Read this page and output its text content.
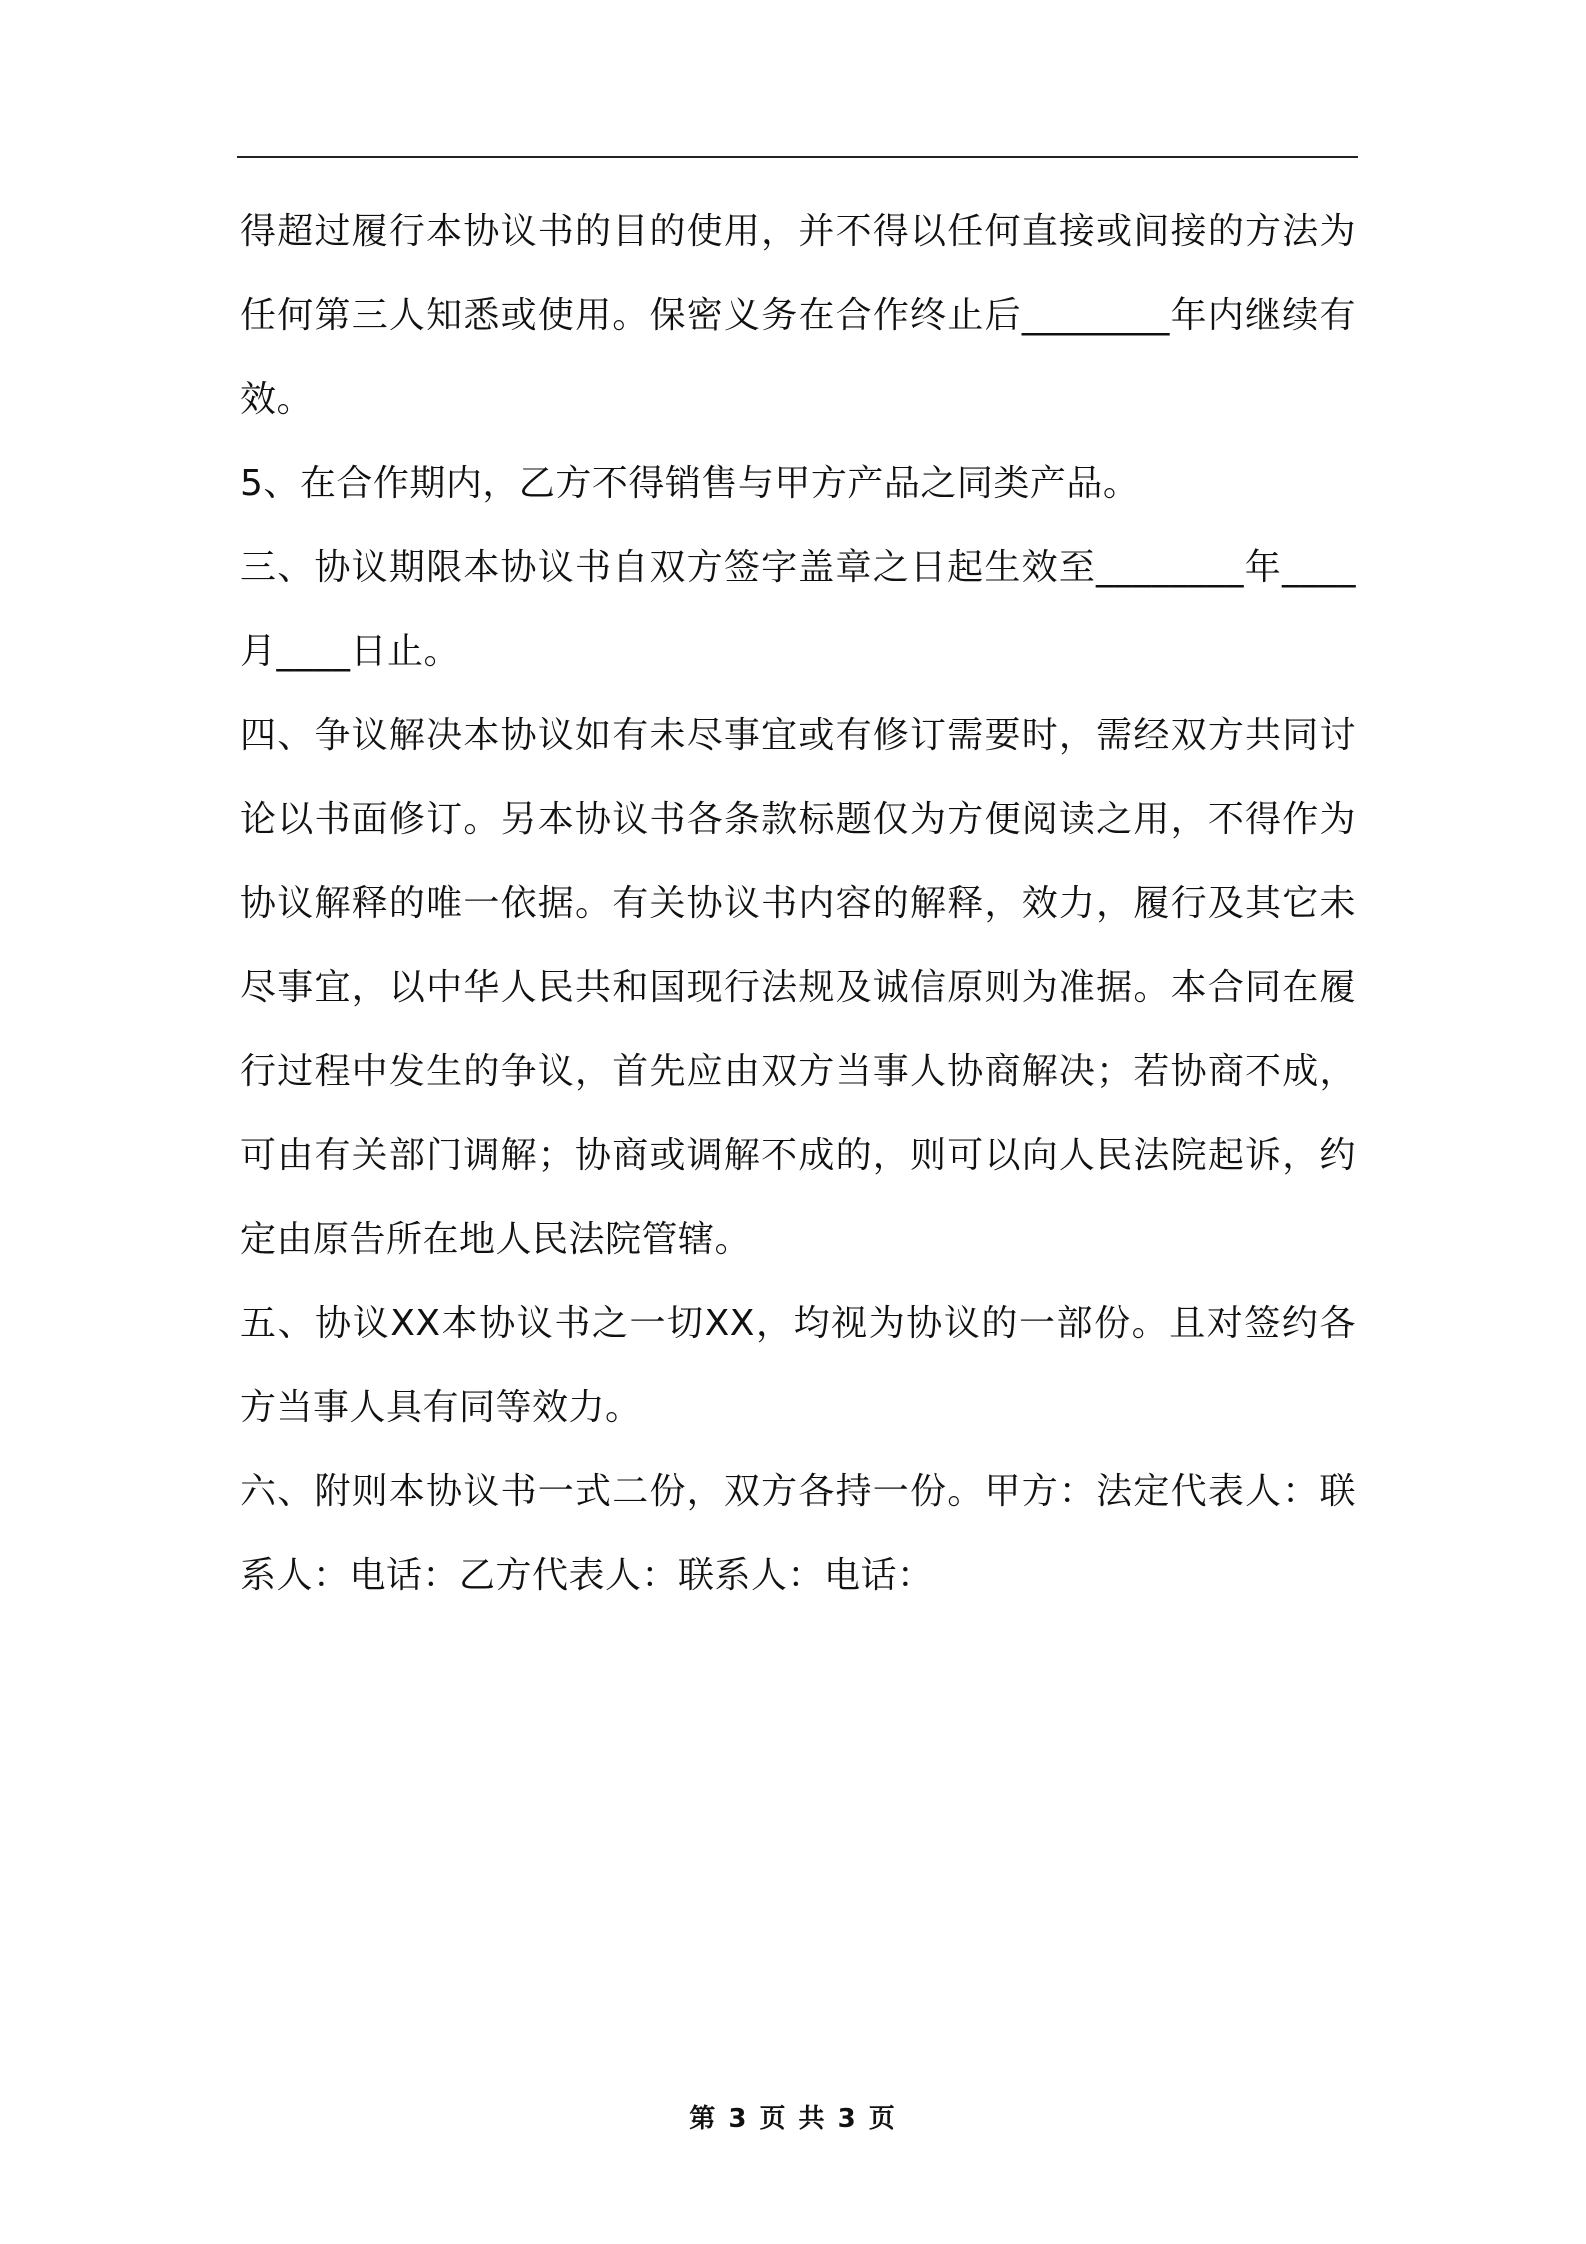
得超过履行本协议书的目的使用，并不得以任何直接或间接的方法为任何第三人知悉或使用。保密义务在合作终止后________年内继续有效。

5、在合作期内，乙方不得销售与甲方产品之同类产品。

三、协议期限本协议书自双方签字盖章之日起生效至________年____月____日止。

四、争议解决本协议如有未尽事宜或有修订需要时，需经双方共同讨论以书面修订。另本协议书各条款标题仅为方便阅读之用，不得作为协议解释的唯一依据。有关协议书内容的解释，效力，履行及其它未尽事宜，以中华人民共和国现行法规及诚信原则为准据。本合同在履行过程中发生的争议，首先应由双方当事人协商解决；若协商不成，可由有关部门调解；协商或调解不成的，则可以向人民法院起诉，约定由原告所在地人民法院管辖。

五、协议XX本协议书之一切XX，均视为协议的一部份。且对签约各方当事人具有同等效力。

六、附则本协议书一式二份，双方各持一份。甲方：法定代表人：联系人：电话：乙方代表人：联系人：电话：

第 3 页 共 3 页
